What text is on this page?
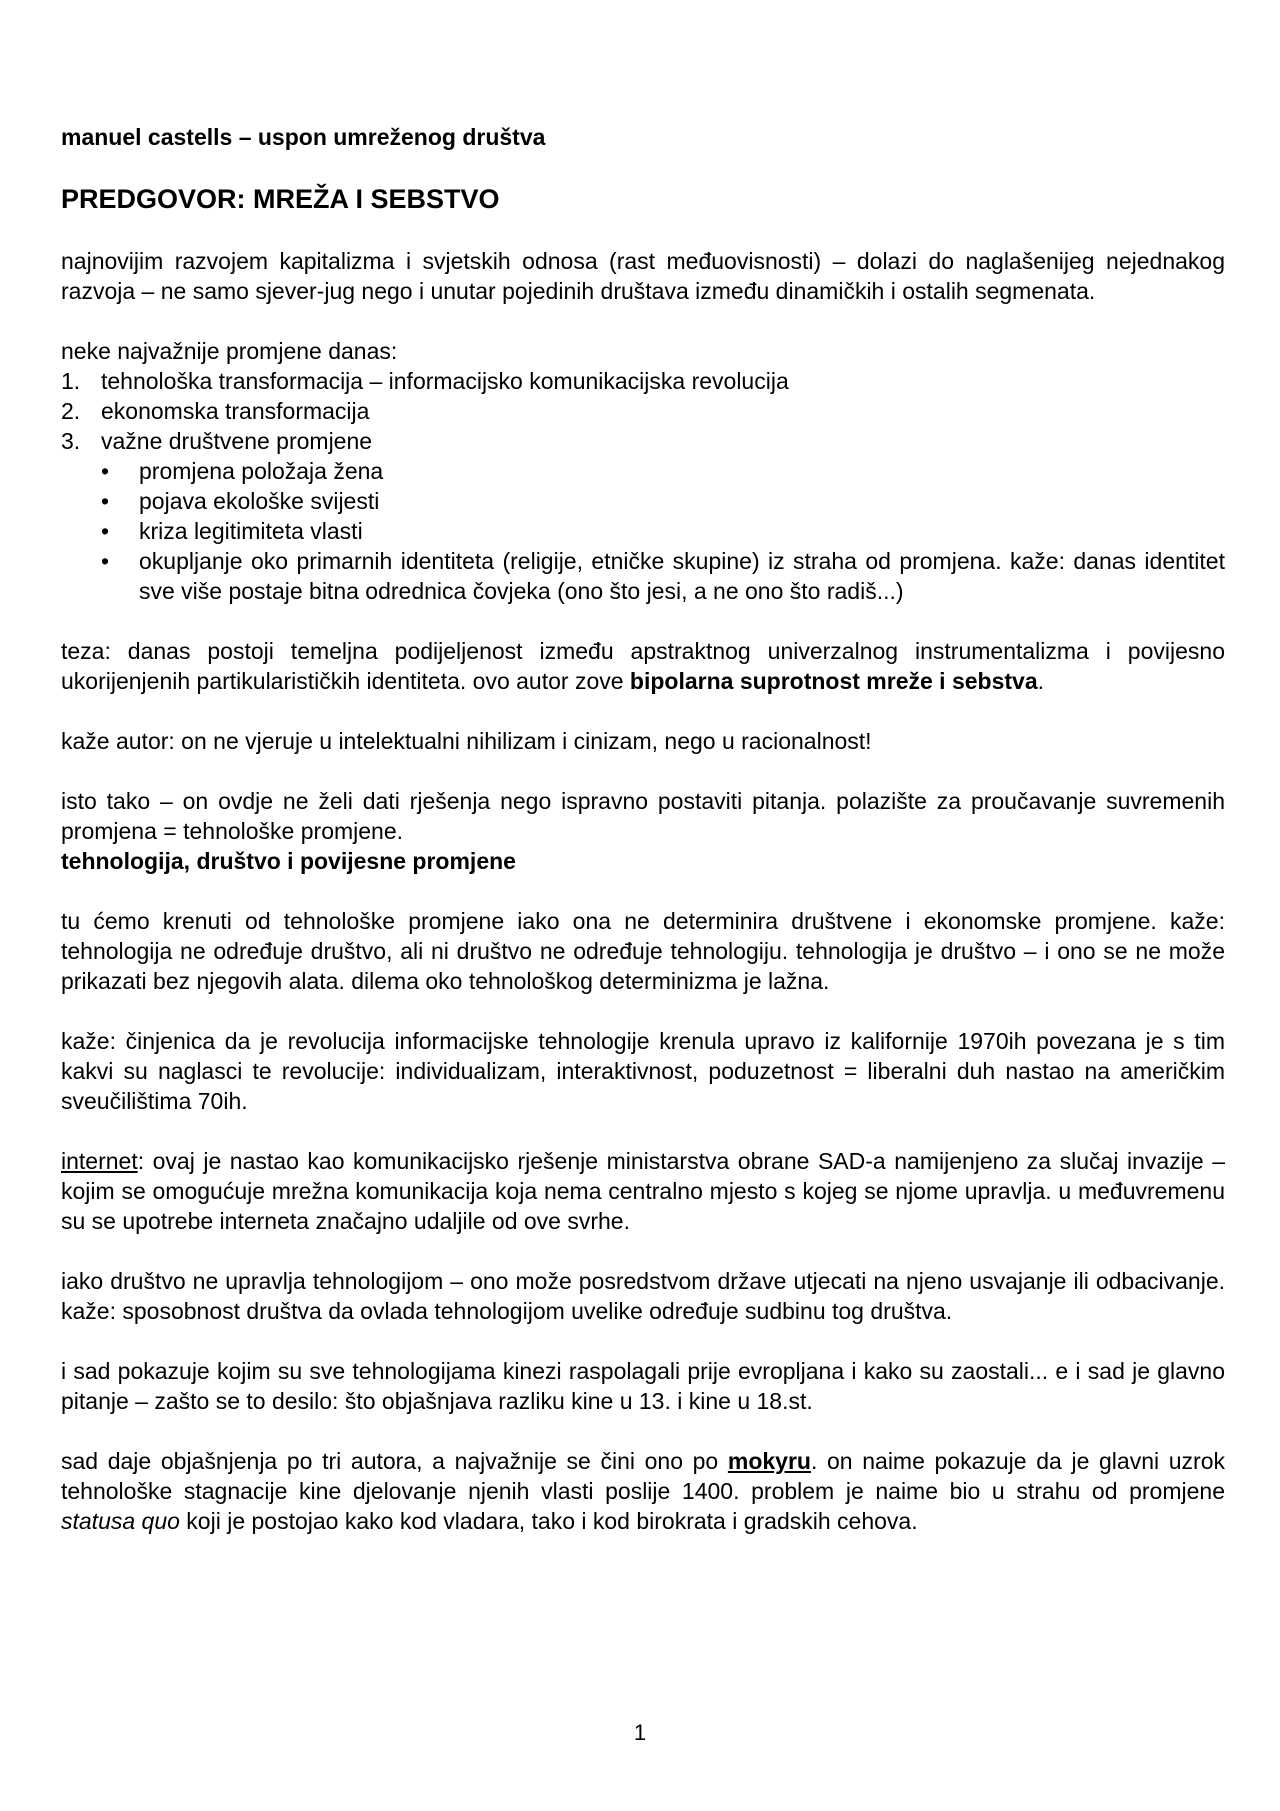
manuel castells – uspon umreženog društva

PREDGOVOR: MREŽA I SEBSTVO

najnovijim razvojem kapitalizma i svjetskih odnosa (rast međuovisnosti) – dolazi do naglašenijeg nejednakog razvoja – ne samo sjever-jug nego i unutar pojedinih društava između dinamičkih i ostalih segmenata.

neke najvažnije promjene danas:

1. tehnološka transformacija – informacijsko komunikacijska revolucija
2. ekonomska transformacija
3. važne društvene promjene
• promjena položaja žena
• pojava ekološke svijesti
• kriza legitimiteta vlasti
• okupljanje oko primarnih identiteta (religije, etničke skupine) iz straha od promjena. kaže: danas identitet sve više postaje bitna odrednica čovjeka (ono što jesi, a ne ono što radiš...)

teza: danas postoji temeljna podijeljenost između apstraktnog univerzalnog instrumentalizma i povijesno ukorijenjenih partikularističkih identiteta. ovo autor zove bipolarna suprotnost mreže i sebstva.

kaže autor: on ne vjeruje u intelektualni nihilizam i cinizam, nego u racionalnost!

isto tako – on ovdje ne želi dati rješenja nego ispravno postaviti pitanja. polazište za proučavanje suvremenih promjena = tehnološke promjene.

tehnologija, društvo i povijesne promjene

tu ćemo krenuti od tehnološke promjene iako ona ne determinira društvene i ekonomske promjene. kaže: tehnologija ne određuje društvo, ali ni društvo ne određuje tehnologiju. tehnologija je društvo – i ono se ne može prikazati bez njegovih alata. dilema oko tehnološkog determinizma je lažna.

kaže: činjenica da je revolucija informacijske tehnologije krenula upravo iz kalifornije 1970ih povezana je s tim kakvi su naglasci te revolucije: individualizam, interaktivnost, poduzetnost = liberalni duh nastao na američkim sveučilištima 70ih.

internet: ovaj je nastao kao komunikacijsko rješenje ministarstva obrane SAD-a namijenjeno za slučaj invazije – kojim se omogućuje mrežna komunikacija koja nema centralno mjesto s kojeg se njome upravlja. u međuvremenu su se upotrebe interneta značajno udaljile od ove svrhe.

iako društvo ne upravlja tehnologijom – ono može posredstvom države utjecati na njeno usvajanje ili odbacivanje. kaže: sposobnost društva da ovlada tehnologijom uvelike određuje sudbinu tog društva.

i sad pokazuje kojim su sve tehnologijama kinezi raspolagali prije evropljana i kako su zaostali... e i sad je glavno pitanje – zašto se to desilo: što objašnjava razliku kine u 13. i kine u 18.st.

sad daje objašnjenja po tri autora, a najvažnije se čini ono po mokyru. on naime pokazuje da je glavni uzrok tehnološke stagnacije kine djelovanje njenih vlasti poslije 1400. problem je naime bio u strahu od promjene statusa quo koji je postojao kako kod vladara, tako i kod birokrata i gradskih cehova.

1
